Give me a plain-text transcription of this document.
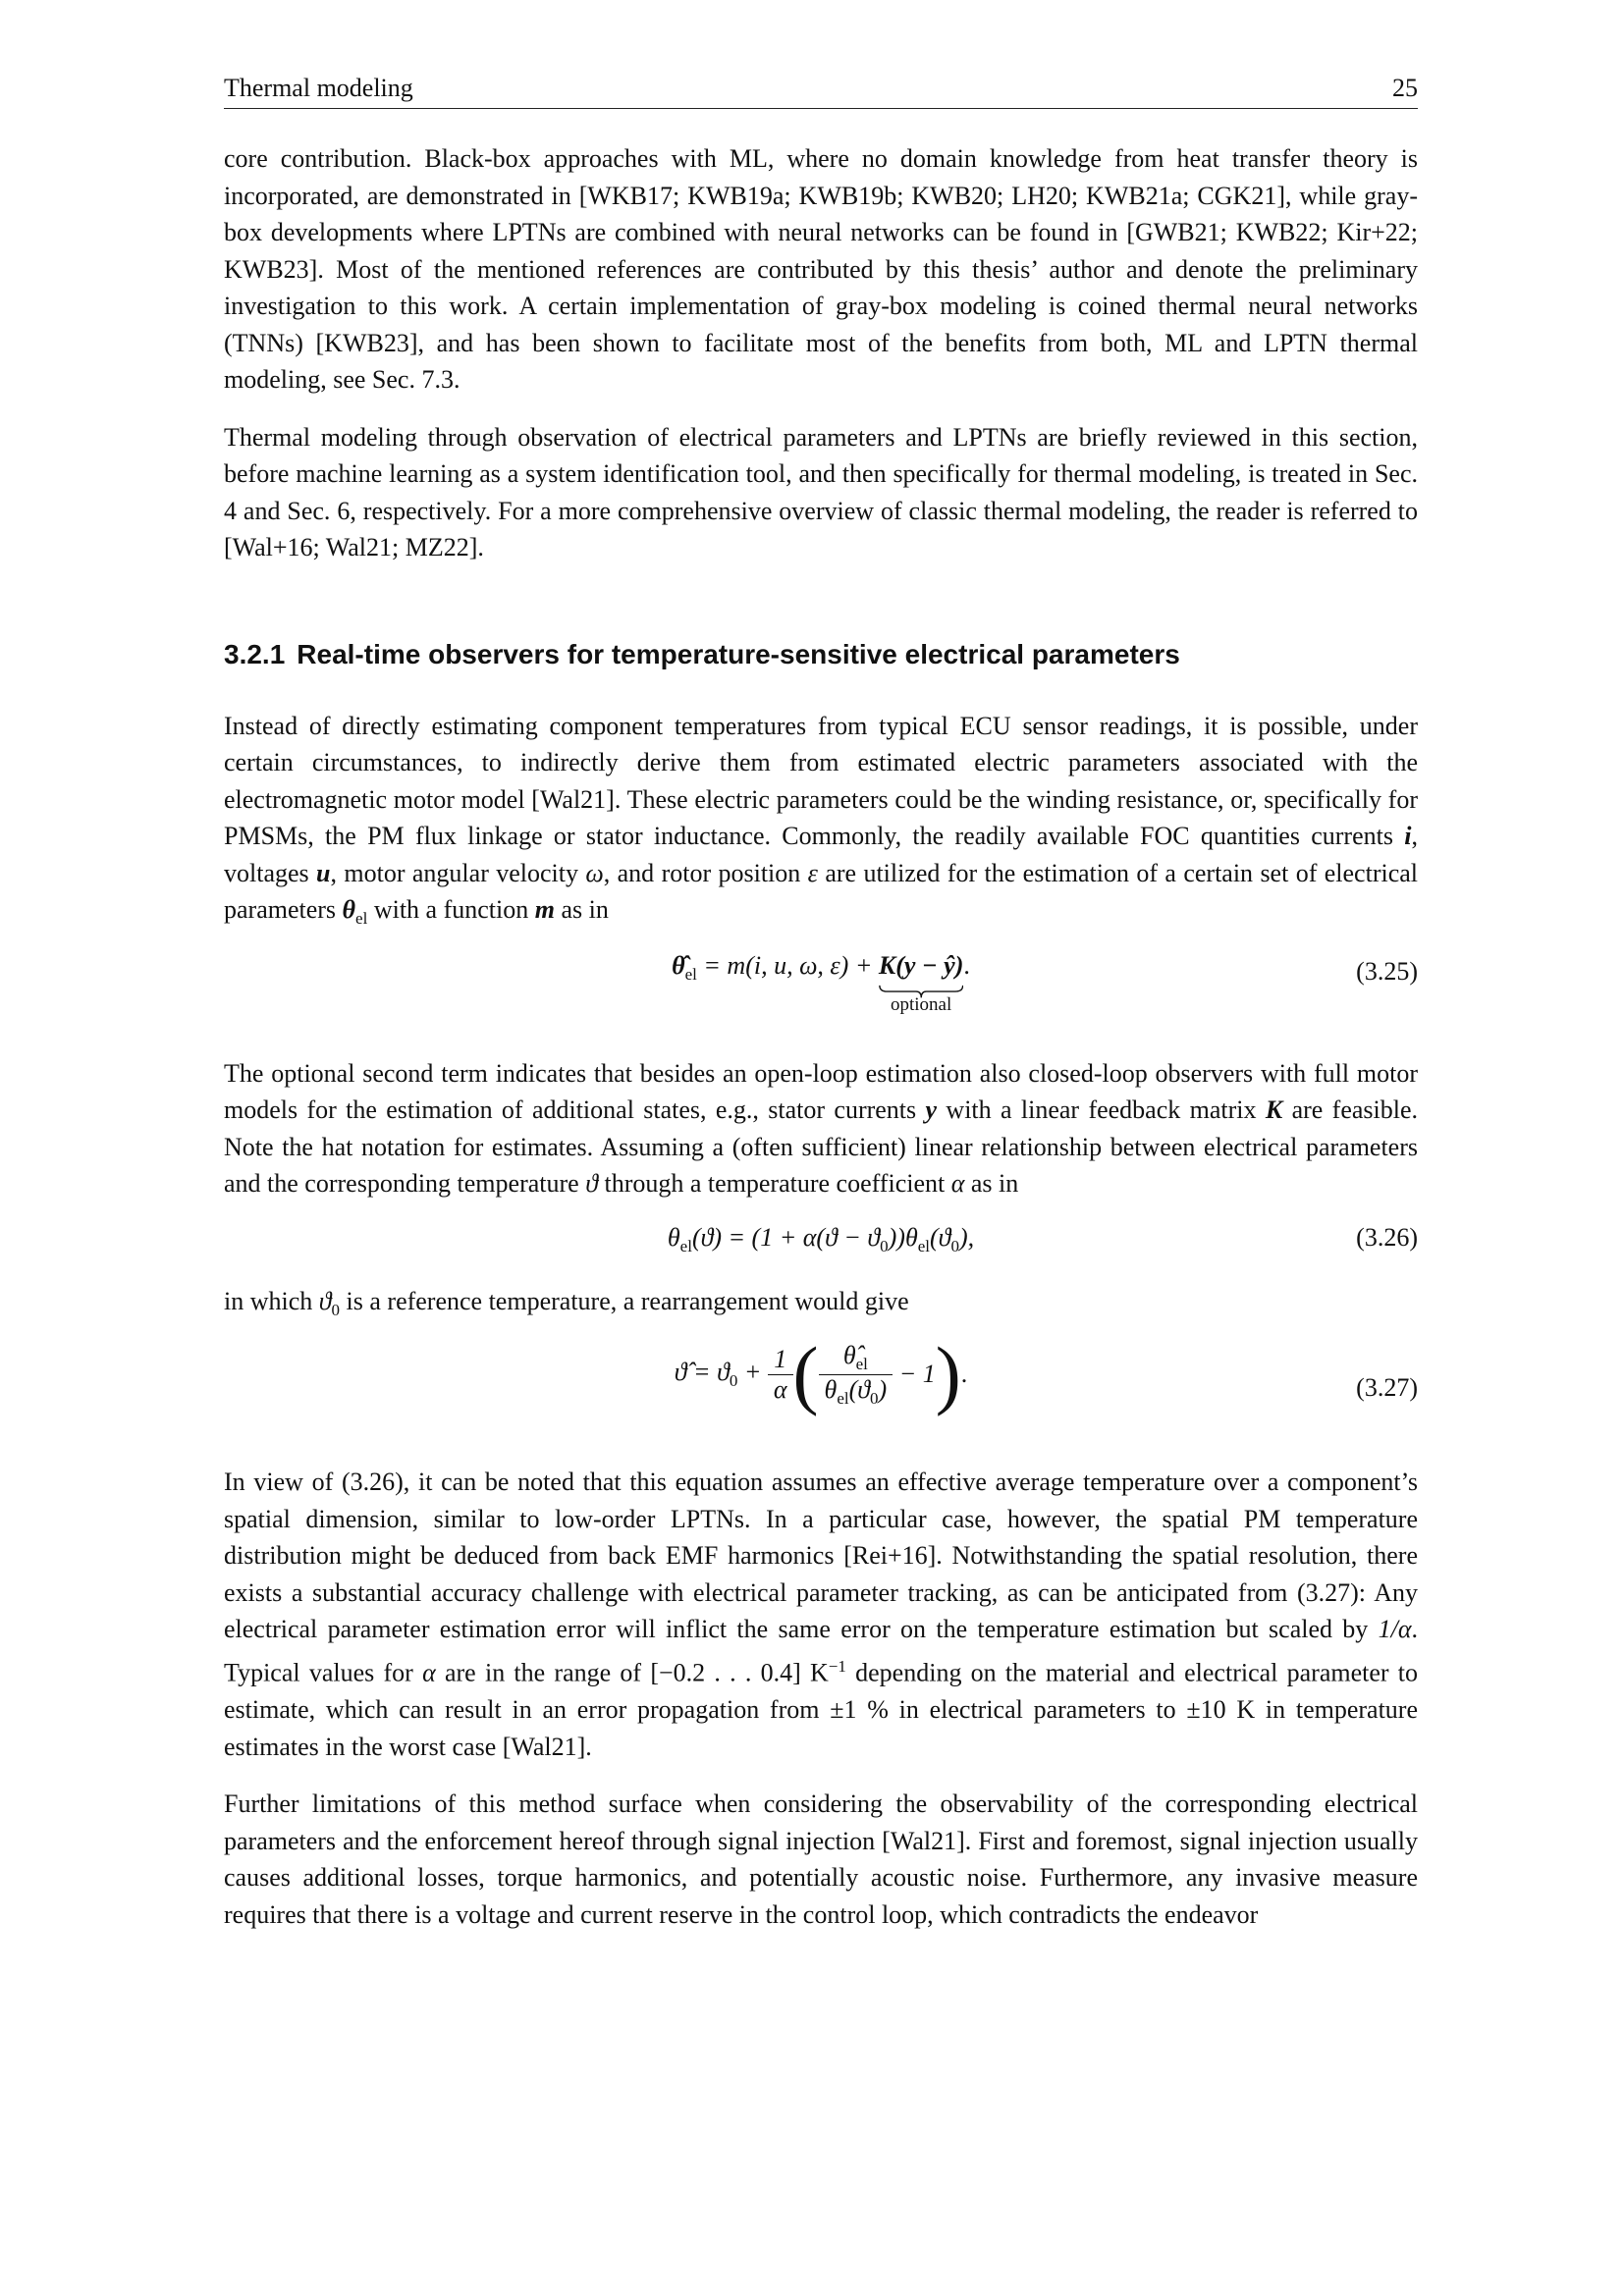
Thermal modeling	25

core contribution. Black-box approaches with ML, where no domain knowledge from heat transfer theory is incorporated, are demonstrated in [WKB17; KWB19a; KWB19b; KWB20; LH20; KWB21a; CGK21], while gray-box developments where LPTNs are combined with neural networks can be found in [GWB21; KWB22; Kir+22; KWB23]. Most of the mentioned references are contributed by this thesis’ author and denote the preliminary investigation to this work. A certain implementation of gray-box modeling is coined thermal neural networks (TNNs) [KWB23], and has been shown to facilitate most of the benefits from both, ML and LPTN thermal modeling, see Sec. 7.3.

Thermal modeling through observation of electrical parameters and LPTNs are briefly reviewed in this section, before machine learning as a system identification tool, and then specifically for thermal modeling, is treated in Sec. 4 and Sec. 6, respectively. For a more comprehensive overview of classic thermal modeling, the reader is referred to [Wal+16; Wal21; MZ22].

3.2.1 Real-time observers for temperature-sensitive electrical parameters

Instead of directly estimating component temperatures from typical ECU sensor readings, it is possible, under certain circumstances, to indirectly derive them from estimated electric parameters associated with the electromagnetic motor model [Wal21]. These electric parameters could be the winding resistance, or, specifically for PMSMs, the PM flux linkage or stator inductance. Commonly, the readily available FOC quantities currents i, voltages u, motor angular velocity ω, and rotor position ε are utilized for the estimation of a certain set of electrical parameters $\theta_{el}$ with a function m as in

$\thetâ_{el} = m(i$, u, ω, ε) + K(y − ŷ)
optional
.	(3.25)

The optional second term indicates that besides an open-loop estimation also closed-loop observers with full motor models for the estimation of additional states, e.g., stator currents y with a linear feedback matrix K are feasible. Note the hat notation for estimates. Assuming a (often sufficient) linear relationship between electrical parameters and the corresponding temperature ϑ through a temperature coefficient α as in

$\theta_{el}(ϑ) = (1 + \alpha(ϑ - ϑ_0))\theta_{el}(ϑ_0)$,	(3.26)

in which $ϑ_0$ is a reference temperature, a rearrangement would give

ϑ̂ = $ϑ_0 + \frac{1}{\alpha}$ ( $\frac{\thetâ_{el}}{\theta_{el}(ϑ_0)} - 1$).	(3.27)

In view of (3.26), it can be noted that this equation assumes an effective average temperature over a component’s spatial dimension, similar to low-order LPTNs. In a particular case, however, the spatial PM temperature distribution might be deduced from back EMF harmonics [Rei+16]. Notwithstanding the spatial resolution, there exists a substantial accuracy challenge with electrical parameter tracking, as can be anticipated from (3.27): Any electrical parameter estimation error will inflict the same error on the temperature estimation but scaled by 1/α. Typical values for α are in the range of [−0.2 . . . 0.4] $K^{-1}$ depending on the material and electrical parameter to estimate, which can result in an error propagation from ±1 % in electrical parameters to ±10 K in temperature estimates in the worst case [Wal21].

Further limitations of this method surface when considering the observability of the corresponding electrical parameters and the enforcement hereof through signal injection [Wal21]. First and foremost, signal injection usually causes additional losses, torque harmonics, and potentially acoustic noise. Furthermore, any invasive measure requires that there is a voltage and current reserve in the control loop, which contradicts the endeavor
